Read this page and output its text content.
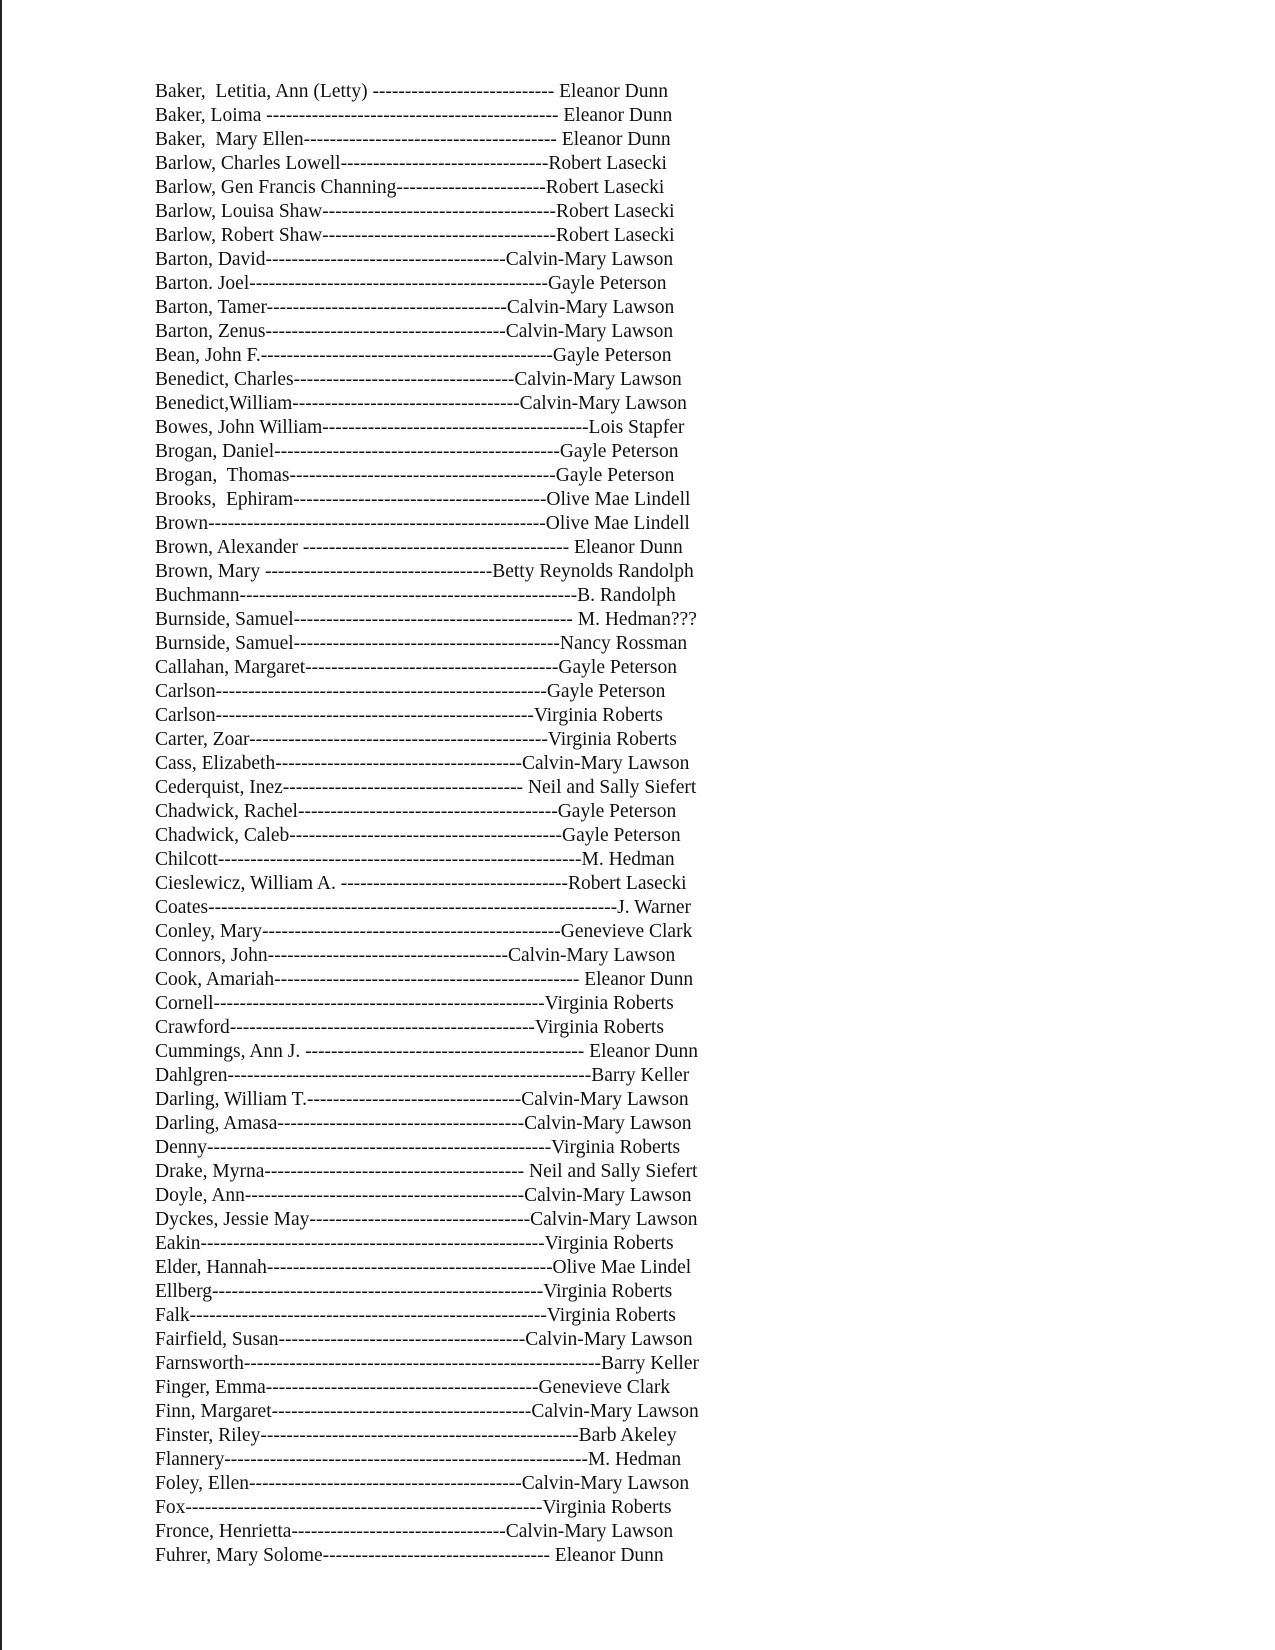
Baker,  Letitia, Ann (Letty) ---------------------------- Eleanor Dunn
Baker, Loima --------------------------------------------- Eleanor Dunn
Baker,  Mary Ellen--------------------------------------- Eleanor Dunn
Barlow, Charles Lowell--------------------------------Robert Lasecki
Barlow, Gen Francis Channing-----------------------Robert Lasecki
Barlow, Louisa Shaw------------------------------------Robert Lasecki
Barlow, Robert Shaw------------------------------------Robert Lasecki
Barton, David-------------------------------------Calvin-Mary Lawson
Barton. Joel----------------------------------------------Gayle Peterson
Barton, Tamer-------------------------------------Calvin-Mary Lawson
Barton, Zenus-------------------------------------Calvin-Mary Lawson
Bean, John F.---------------------------------------------Gayle Peterson
Benedict, Charles----------------------------------Calvin-Mary Lawson
Benedict,William-----------------------------------Calvin-Mary Lawson
Bowes, John William-----------------------------------------Lois Stapfer
Brogan, Daniel--------------------------------------------Gayle Peterson
Brogan,  Thomas-----------------------------------------Gayle Peterson
Brooks,  Ephiram---------------------------------------Olive Mae Lindell
Brown----------------------------------------------------Olive Mae Lindell
Brown, Alexander ----------------------------------------- Eleanor Dunn
Brown, Mary -----------------------------------Betty Reynolds Randolph
Buchmann----------------------------------------------------B. Randolph
Burnside, Samuel------------------------------------------- M. Hedman???
Burnside, Samuel-----------------------------------------Nancy Rossman
Callahan, Margaret---------------------------------------Gayle Peterson
Carlson---------------------------------------------------Gayle Peterson
Carlson-------------------------------------------------Virginia Roberts
Carter, Zoar----------------------------------------------Virginia Roberts
Cass, Elizabeth--------------------------------------Calvin-Mary Lawson
Cederquist, Inez------------------------------------- Neil and Sally Siefert
Chadwick, Rachel----------------------------------------Gayle Peterson
Chadwick, Caleb------------------------------------------Gayle Peterson
Chilcott--------------------------------------------------------M. Hedman
Cieslewicz, William A. -----------------------------------Robert Lasecki
Coates---------------------------------------------------------------J. Warner
Conley, Mary----------------------------------------------Genevieve Clark
Connors, John-------------------------------------Calvin-Mary Lawson
Cook, Amariah----------------------------------------------- Eleanor Dunn
Cornell---------------------------------------------------Virginia Roberts
Crawford-----------------------------------------------Virginia Roberts
Cummings, Ann J. ------------------------------------------- Eleanor Dunn
Dahlgren--------------------------------------------------------Barry Keller
Darling, William T.---------------------------------Calvin-Mary Lawson
Darling, Amasa--------------------------------------Calvin-Mary Lawson
Denny-----------------------------------------------------Virginia Roberts
Drake, Myrna---------------------------------------- Neil and Sally Siefert
Doyle, Ann-------------------------------------------Calvin-Mary Lawson
Dyckes, Jessie May----------------------------------Calvin-Mary Lawson
Eakin-----------------------------------------------------Virginia Roberts
Elder, Hannah--------------------------------------------Olive Mae Lindel
Ellberg---------------------------------------------------Virginia Roberts
Falk-------------------------------------------------------Virginia Roberts
Fairfield, Susan--------------------------------------Calvin-Mary Lawson
Farnsworth-------------------------------------------------------Barry Keller
Finger, Emma------------------------------------------Genevieve Clark
Finn, Margaret----------------------------------------Calvin-Mary Lawson
Finster, Riley-------------------------------------------------Barb Akeley
Flannery--------------------------------------------------------M. Hedman
Foley, Ellen------------------------------------------Calvin-Mary Lawson
Fox-------------------------------------------------------Virginia Roberts
Fronce, Henrietta---------------------------------Calvin-Mary Lawson
Fuhrer, Mary Solome----------------------------------- Eleanor Dunn
